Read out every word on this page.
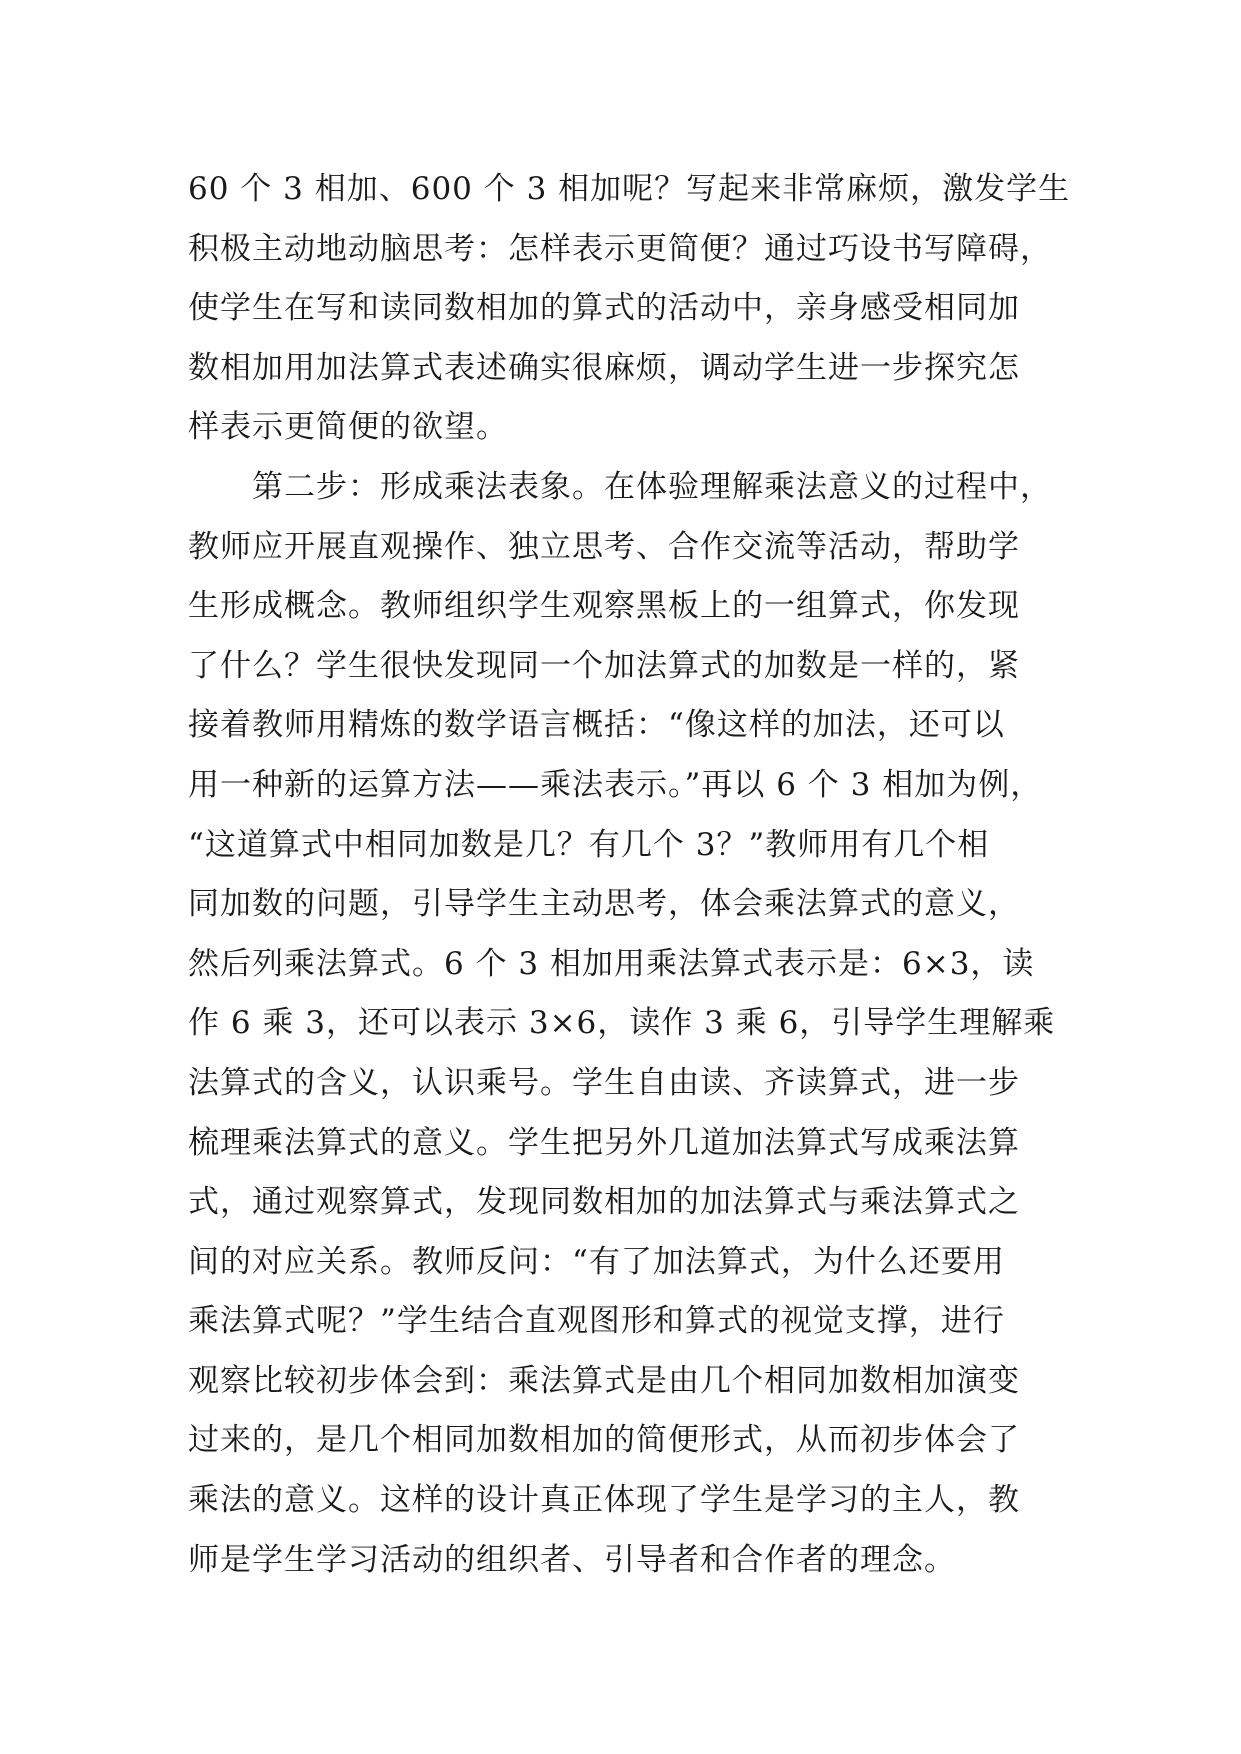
60 个 3 相加、600 个 3 相加呢？写起来非常麻烦，激发学生
积极主动地动脑思考：怎样表示更简便？通过巧设书写障碍，
使学生在写和读同数相加的算式的活动中，亲身感受相同加
数相加用加法算式表述确实很麻烦，调动学生进一步探究怎
样表示更简便的欲望。
　　第二步：形成乘法表象。在体验理解乘法意义的过程中，
教师应开展直观操作、独立思考、合作交流等活动，帮助学
生形成概念。教师组织学生观察黑板上的一组算式，你发现
了什么？学生很快发现同一个加法算式的加数是一样的，紧
接着教师用精炼的数学语言概括：“像这样的加法，还可以
用一种新的运算方法——乘法表示。”再以 6 个 3 相加为例，
“这道算式中相同加数是几？有几个 3？”教师用有几个相
同加数的问题，引导学生主动思考，体会乘法算式的意义，
然后列乘法算式。6 个 3 相加用乘法算式表示是：6×3，读
作 6 乘 3，还可以表示 3×6，读作 3 乘 6，引导学生理解乘
法算式的含义，认识乘号。学生自由读、齐读算式，进一步
梳理乘法算式的意义。学生把另外几道加法算式写成乘法算
式，通过观察算式，发现同数相加的加法算式与乘法算式之
间的对应关系。教师反问：“有了加法算式，为什么还要用
乘法算式呢？”学生结合直观图形和算式的视觉支撑，进行
观察比较初步体会到：乘法算式是由几个相同加数相加演变
过来的，是几个相同加数相加的简便形式，从而初步体会了
乘法的意义。这样的设计真正体现了学生是学习的主人，教
师是学生学习活动的组织者、引导者和合作者的理念。
